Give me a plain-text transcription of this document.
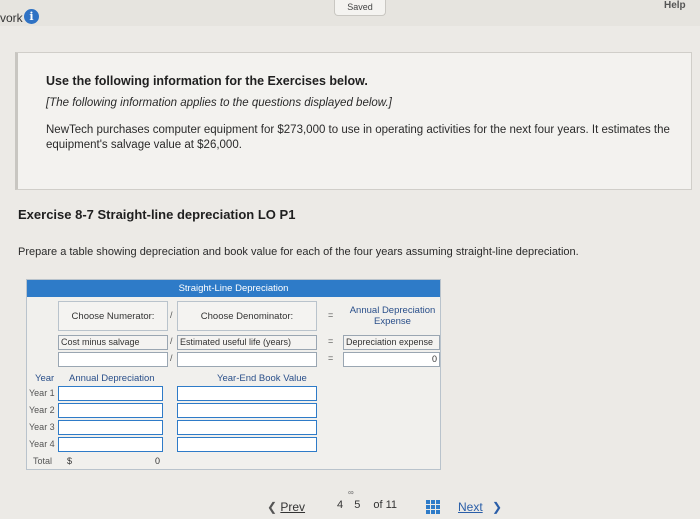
vork i
Saved	Help
Use the following information for the Exercises below.
[The following information applies to the questions displayed below.]
NewTech purchases computer equipment for $273,000 to use in operating activities for the next four years. It estimates the equipment's salvage value at $26,000.
Exercise 8-7 Straight-line depreciation LO P1
Prepare a table showing depreciation and book value for each of the four years assuming straight-line depreciation.
Straight-Line Depreciation
Choose Numerator:	/	Choose Denominator:	=	Annual Depreciation Expense
Cost minus salvage	/ Estimated useful life (years)	= Depreciation expense
/	=	0
Year Annual Depreciation	Year-End Book Value
Year 1
Year 2
Year 3
Year 4
Total $	0
❮ Prev
∞
4 5 of 11	Next ❯
